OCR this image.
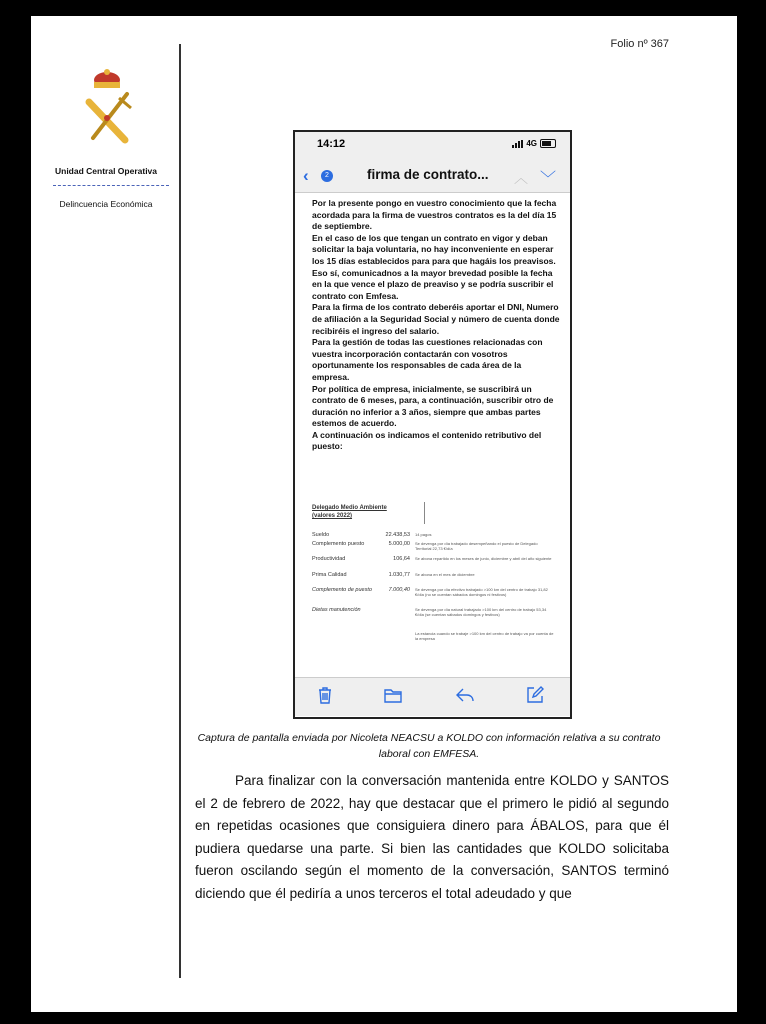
Folio nº 367
Unidad Central Operativa
Delincuencia Económica
14:12	4G
‹	2	firma de contrato... ︿ ﹀

Por la presente pongo en vuestro conocimiento que la fecha acordada para la firma de vuestros contratos es la del día 15 de septiembre.

En el caso de los que tengan un contrato en vigor y deban solicitar la baja voluntaria, no hay inconveniente en esperar los 15 días establecidos para para que hagáis los preavisos. Eso sí, comunicadnos a la mayor brevedad posible la fecha en la que vence el plazo de preaviso y se podría suscribir el contrato con Emfesa.

Para la firma de los contrato deberéis aportar el DNI, Numero de afiliación a la Seguridad Social y número de cuenta donde recibiréis el ingreso del salario.

Para la gestión de todas las cuestiones relacionadas con vuestra incorporación contactarán con vosotros oportunamente los responsables de cada área de la empresa.

Por política de empresa, inicialmente, se suscribirá un contrato de 6 meses, para, a continuación, suscribir otro de duración no inferior a 3 años, siempre que ambas partes estemos de acuerdo.

A continuación os indicamos el contenido retributivo del puesto:

Delegado Medio Ambiente (valores 2022)
Sueldo	22.438,53 14 pagos
Complemento puesto	5.000,00 Se devenga por día trabajado desempeñando el puesto de Delegado Territorial 22,73 €/día
Productividad	106,64 Se abona repartido en los meses de junio, diciembre y abril del año siguiente
Prima Calidad	1.030,77 Se abona en el mes de diciembre
Complemento de puesto	7.000,40 Se devenga por día efectivo trabajado >100 km del centro de trabajo 31,82 €/día (no se cuentan sábados domingos ni festivos)
Dietas manutención	Se devenga por día natural trabajado >100 km del centro de trabajo 53,34 €/día (se cuentan sábados domingos y festivos)
La estancia cuando se trabaje >100 km del centro de trabajo va por cuenta de la empresa
Captura de pantalla enviada por Nicoleta NEACSU a KOLDO con información relativa a su contrato laboral con EMFESA.
Para finalizar con la conversación mantenida entre KOLDO y SANTOS el 2 de febrero de 2022, hay que destacar que el primero le pidió al segundo en repetidas ocasiones que consiguiera dinero para ÁBALOS, para que él pudiera quedarse una parte. Si bien las cantidades que KOLDO solicitaba fueron oscilando según el momento de la conversación, SANTOS terminó diciendo que él pediría a unos terceros el total adeudado y que
